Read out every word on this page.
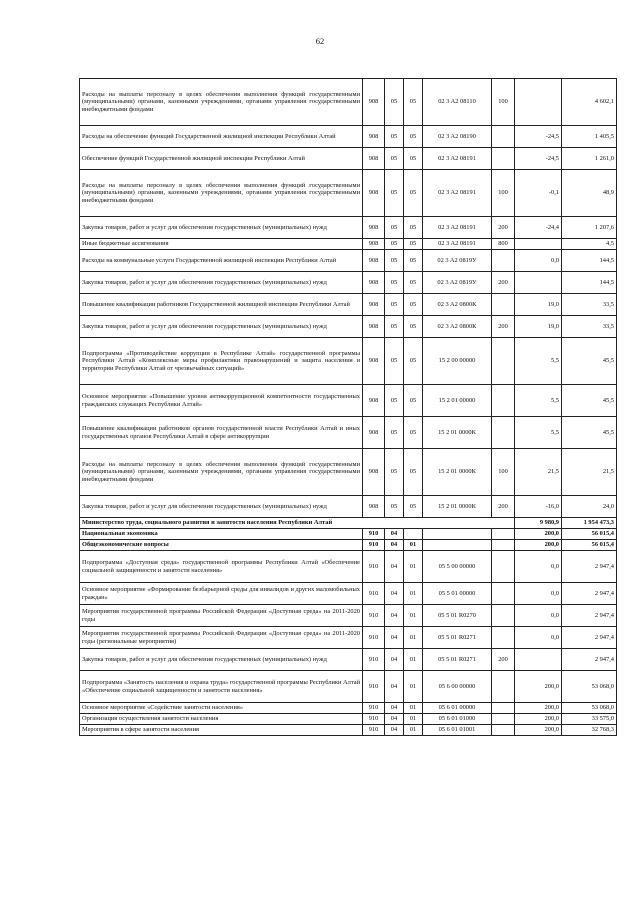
62
Расходы на выплаты персоналу в целях обеспечения выполнения функций государственными (муниципальными) органами, казенными учреждениями, органами управления государственными внебюджетными фондами	908	05	05	02 3 A2 08110	100		4 602,1
Расходы на обеспечение функций Государственной жилищной инспекции Республики Алтай	908	05	05	02 3 A2 08190		-24,5	1 405,5
Обеспечение функций Государственной жилищной инспекции Республики Алтай	908	05	05	02 3 A2 08191		-24,5	1 261,0
Расходы на выплаты персоналу в целях обеспечения выполнения функций государственными (муниципальными) органами, казенными учреждениями, органами управления государственными внебюджетными фондами	908	05	05	02 3 A2 08191	100	-0,1	48,9
Закупка товаров, работ и услуг для обеспечения государственных (муниципальных) нужд	908	05	05	02 3 A2 08191	200	-24,4	1 207,6
Иные бюджетные ассигнования	908	05	05	02 3 A2 08191	800		4,5
Расходы на коммунальные услуги Государственной жилищной инспекции Республики Алтай	908	05	05	02 3 A2 0819У		0,0	144,5
Закупка товаров, работ и услуг для обеспечения государственных (муниципальных) нужд	908	05	05	02 3 A2 0819У	200		144,5
Повышение квалификации работников Государственной жилищной инспекции Республики Алтай	908	05	05	02 3 A2 0800К		19,0	33,5
Закупка товаров, работ и услуг для обеспечения государственных (муниципальных) нужд	908	05	05	02 3 A2 0800К	200	19,0	33,5
Подпрограмма «Противодействие коррупции в Республике Алтай» государственной программы Республики Алтай «Комплексные меры профилактики правонарушений и защита населения и территории Республики Алтай от чрезвычайных ситуаций»	908	05	05	15 2 00 00000		5,5	45,5
Основное мероприятие «Повышение уровня антикоррупционной компетентности государственных гражданских служащих Республики Алтай»	908	05	05	15 2 01 00000		5,5	45,5
Повышение квалификации работников органов государственной власти Республики Алтай и иных государственных органов Республики Алтай в сфере антикоррупции	908	05	05	15 2 01 0000К		5,5	45,5
Расходы на выплаты персоналу в целях обеспечения выполнения функций государственными (муниципальными) органами, казенными учреждениями, органами управления государственными внебюджетными фондами	908	05	05	15 2 01 0000К	100	21,5	21,5
Закупка товаров, работ и услуг для обеспечения государственных (муниципальных) нужд	908	05	05	15 2 01 0000К	200	-16,0	24,0
Министерство труда, социального развития и занятости населения Республики Алтай						9 980,9	1 954 473,3
Национальная экономика	910	04				200,0	56 015,4
Общеэкономические вопросы	910	04	01			200,0	56 015,4
Подпрограмма «Доступная среда» государственной программы Республики Алтай «Обеспечение социальной защищенности и занятости населения»	910	04	01	05 5 00 00000		0,0	2 947,4
Основное мероприятие «Формирование безбарьерной среды для инвалидов и других маломобильных граждан»	910	04	01	05 5 01 00000		0,0	2 947,4
Мероприятия государственной программы Российской Федерации «Доступная среда» на 2011-2020 годы	910	04	01	05 5 01 R0270		0,0	2 947,4
Мероприятия государственной программы Российской Федерации «Доступная среда» на 2011-2020 годы (региональные мероприятия)	910	04	01	05 5 01 R0271		0,0	2 947,4
Закупка товаров, работ и услуг для обеспечения государственных (муниципальных) нужд	910	04	01	05 5 01 R0271	200		2 947,4
Подпрограмма «Занятость населения и охрана труда» государственной программы Республики Алтай «Обеспечение социальной защищенности и занятости населения»	910	04	01	05 6 00 00000		200,0	53 068,0
Основное мероприятие «Содействие занятости населения»	910	04	01	05 6 01 00000		200,0	53 068,0
Организация осуществления занятости населения	910	04	01	05 6 01 01000		200,0	33 575,0
Мероприятия в сфере занятости населения	910	04	01	05 6 01 01001		200,0	32 768,3
